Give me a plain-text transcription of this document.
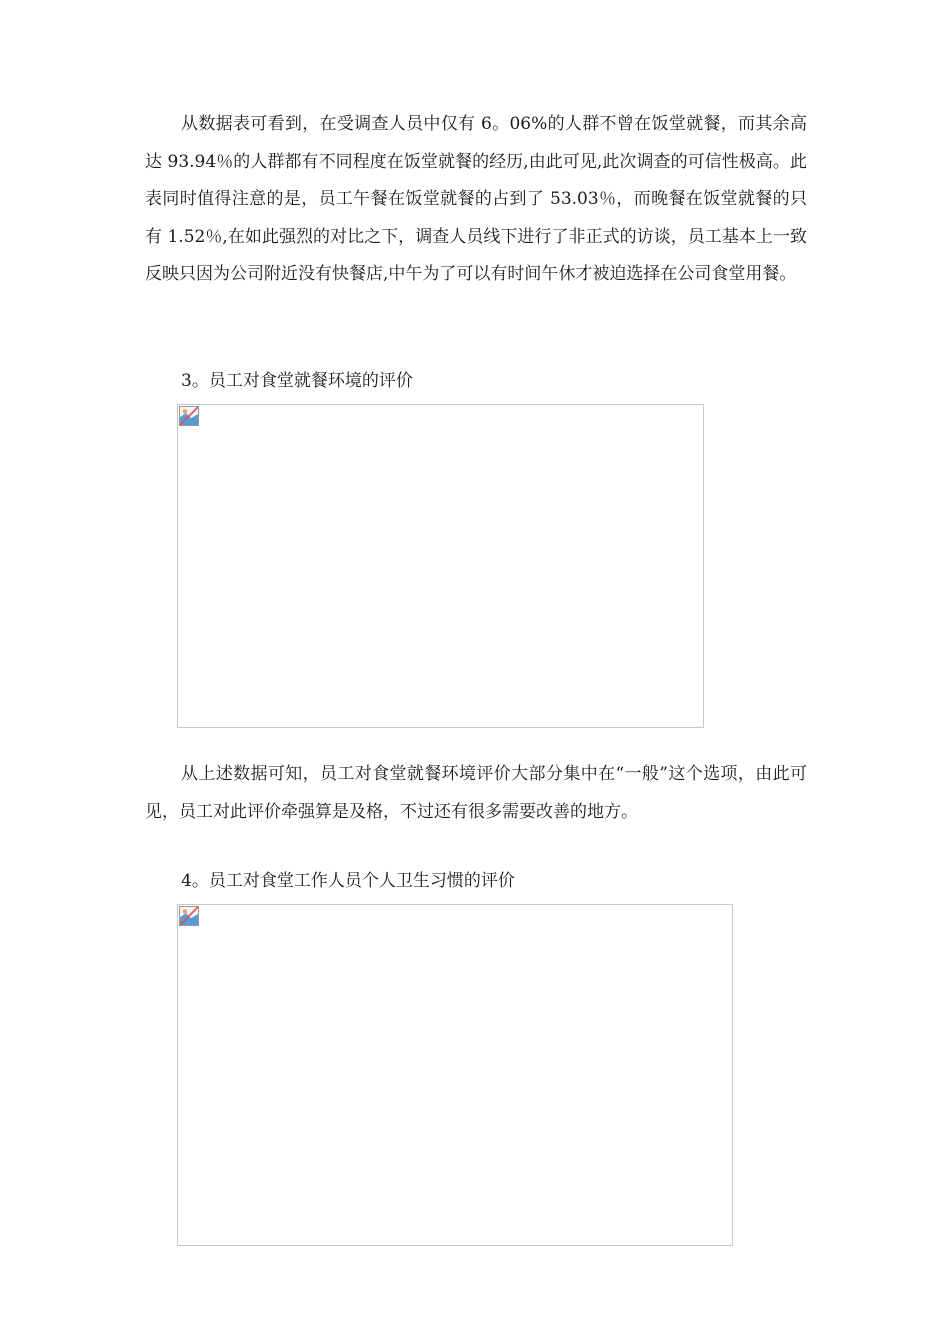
从数据表可看到，在受调查人员中仅有 6。06%的人群不曾在饭堂就餐，而其余高达 93.94％的人群都有不同程度在饭堂就餐的经历,由此可见,此次调查的可信性极高。此表同时值得注意的是，员工午餐在饭堂就餐的占到了 53.03％，而晚餐在饭堂就餐的只有 1.52％,在如此强烈的对比之下，调查人员线下进行了非正式的访谈，员工基本上一致反映只因为公司附近没有快餐店,中午为了可以有时间午休才被迫选择在公司食堂用餐。

3。员工对食堂就餐环境的评价

从上述数据可知，员工对食堂就餐环境评价大部分集中在“一般”这个选项，由此可见，员工对此评价牵强算是及格，不过还有很多需要改善的地方。

4。员工对食堂工作人员个人卫生习惯的评价
